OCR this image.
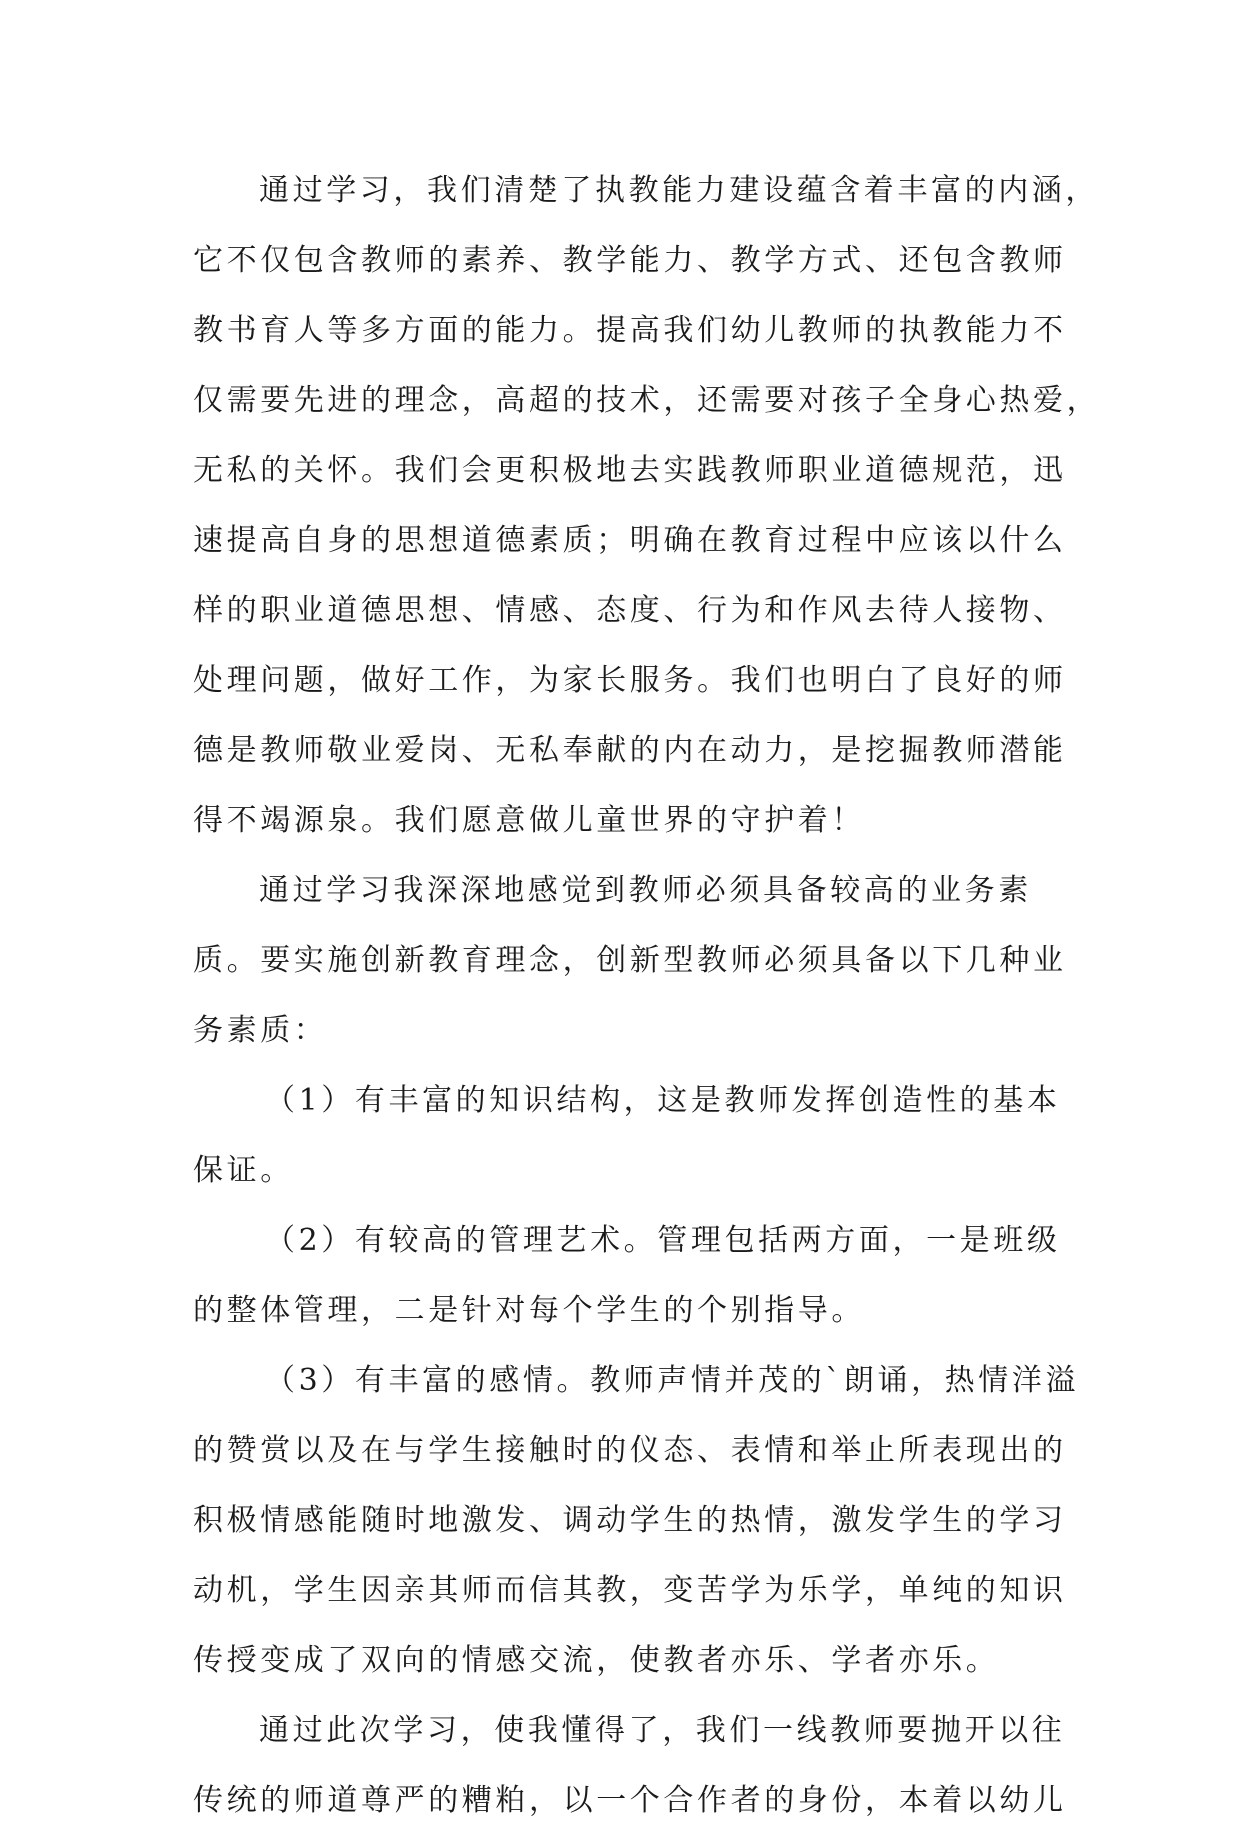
通过学习，我们清楚了执教能力建设蕴含着丰富的内涵，
它不仅包含教师的素养、教学能力、教学方式、还包含教师
教书育人等多方面的能力。提高我们幼儿教师的执教能力不
仅需要先进的理念，高超的技术，还需要对孩子全身心热爱，
无私的关怀。我们会更积极地去实践教师职业道德规范，迅
速提高自身的思想道德素质；明确在教育过程中应该以什么
样的职业道德思想、情感、态度、行为和作风去待人接物、
处理问题，做好工作，为家长服务。我们也明白了良好的师
德是教师敬业爱岗、无私奉献的内在动力，是挖掘教师潜能
得不竭源泉。我们愿意做儿童世界的守护着！
通过学习我深深地感觉到教师必须具备较高的业务素
质。要实施创新教育理念，创新型教师必须具备以下几种业
务素质：
（1）有丰富的知识结构，这是教师发挥创造性的基本
保证。
（2）有较高的管理艺术。管理包括两方面，一是班级
的整体管理，二是针对每个学生的个别指导。
（3）有丰富的感情。教师声情并茂的`朗诵，热情洋溢
的赞赏以及在与学生接触时的仪态、表情和举止所表现出的
积极情感能随时地激发、调动学生的热情，激发学生的学习
动机，学生因亲其师而信其教，变苦学为乐学，单纯的知识
传授变成了双向的情感交流，使教者亦乐、学者亦乐。
通过此次学习，使我懂得了，我们一线教师要抛开以往
传统的师道尊严的糟粕，以一个合作者的身份，本着以幼儿
